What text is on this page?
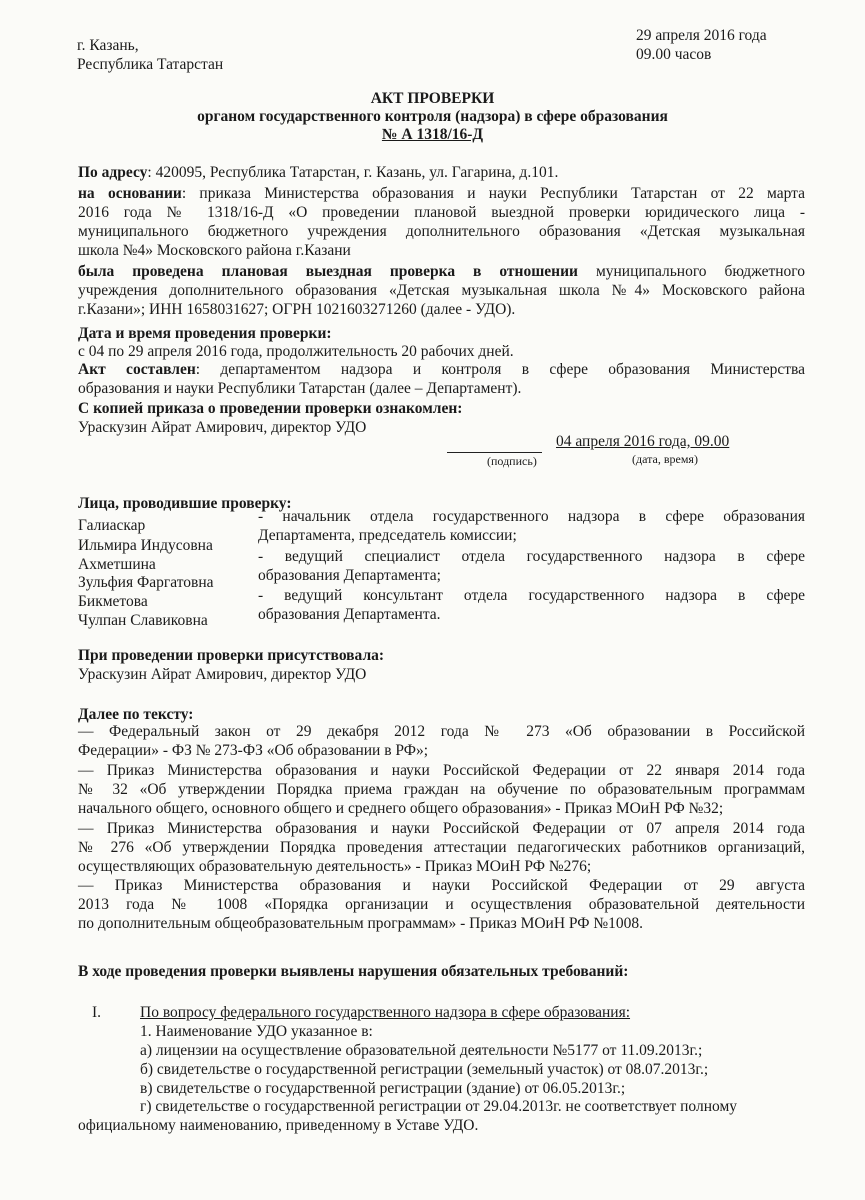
г. Казань,
Республика Татарстан
29 апреля 2016 года
09.00 часов
АКТ ПРОВЕРКИ
органом государственного контроля (надзора) в сфере образования
№ А 1318/16-Д
По адресу: 420095, Республика Татарстан, г. Казань, ул. Гагарина, д.101.
на основании: приказа Министерства образования и науки Республики Татарстан от 22 марта
2016 года № 1318/16-Д «О проведении плановой выездной проверки юридического лица -
муниципального бюджетного учреждения дополнительного образования «Детская музыкальная
школа №4» Московского района г.Казани
была проведена плановая выездная проверка в отношении муниципального бюджетного
учреждения дополнительного образования «Детская музыкальная школа №4» Московского района
г.Казани»; ИНН 1658031627; ОГРН 1021603271260 (далее - УДО).
Дата и время проведения проверки:
с 04 по 29 апреля 2016 года, продолжительность 20 рабочих дней.
Акт составлен: департаментом надзора и контроля в сфере образования Министерства
образования и науки Республики Татарстан (далее – Департамент).
С копией приказа о проведении проверки ознакомлен:
Ураскузин Айрат Амирович, директор УДО
04 апреля 2016 года, 09.00
(подпись)	(дата, время)
Лица, проводившие проверку:
Галиаскар
Ильмира Индусовна
Ахметшина
Зульфия Фаргатовна
Бикметова
Чулпан Славиковна
- начальник отдела государственного надзора в сфере образования
Департамента, председатель комиссии;
- ведущий специалист отдела государственного надзора в сфере
образования Департамента;
- ведущий консультант отдела государственного надзора в сфере
образования Департамента.
При проведении проверки присутствовала:
Ураскузин Айрат Амирович, директор УДО
Далее по тексту:
— Федеральный закон от 29 декабря 2012 года № 273 «Об образовании в Российской
Федерации» - ФЗ № 273-ФЗ «Об образовании в РФ»;
— Приказ Министерства образования и науки Российской Федерации от 22 января 2014 года
№ 32 «Об утверждении Порядка приема граждан на обучение по образовательным программам
начального общего, основного общего и среднего общего образования» - Приказ МОиН РФ №32;
— Приказ Министерства образования и науки Российской Федерации от 07 апреля 2014 года
№ 276 «Об утверждении Порядка проведения аттестации педагогических работников организаций,
осуществляющих образовательную деятельность» - Приказ МОиН РФ №276;
— Приказ Министерства образования и науки Российской Федерации от 29 августа
2013 года № 1008 «Порядка организации и осуществления образовательной деятельности
по дополнительным общеобразовательным программам» - Приказ МОиН РФ №1008.
В ходе проведения проверки выявлены нарушения обязательных требований:
I.	По вопросу федерального государственного надзора в сфере образования:
1. Наименование УДО указанное в:
а) лицензии на осуществление образовательной деятельности №5177 от 11.09.2013г.;
б) свидетельстве о государственной регистрации (земельный участок) от 08.07.2013г.;
в) свидетельстве о государственной регистрации (здание) от 06.05.2013г.;
г) свидетельстве о государственной регистрации от 29.04.2013г. не соответствует полному
официальному наименованию, приведенному в Уставе УДО.
